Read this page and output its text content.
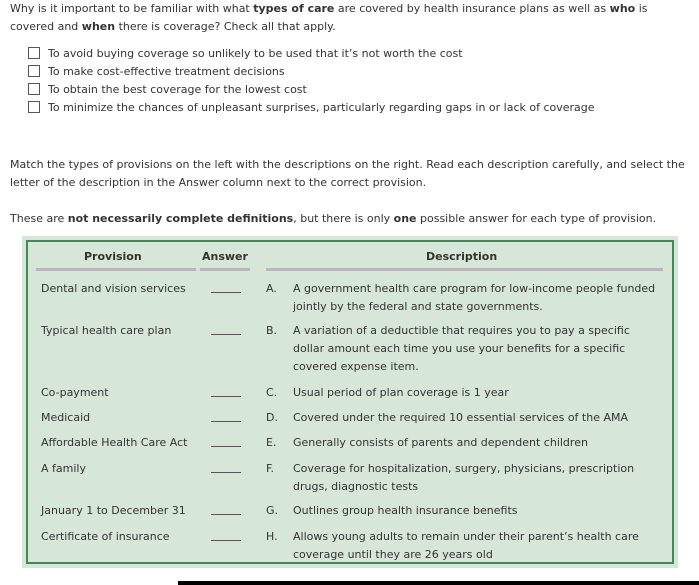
Why is it important to be familiar with what types of care are covered by health insurance plans as well as who is covered and when there is coverage? Check all that apply.
To avoid buying coverage so unlikely to be used that it’s not worth the cost
To make cost-effective treatment decisions
To obtain the best coverage for the lowest cost
To minimize the chances of unpleasant surprises, particularly regarding gaps in or lack of coverage
Match the types of provisions on the left with the descriptions on the right. Read each description carefully, and select the letter of the description in the Answer column next to the correct provision.
These are not necessarily complete definitions, but there is only one possible answer for each type of provision.
Provision	Answer	Description
Dental and vision services
Typical health care plan
Co-payment
Medicaid
Affordable Health Care Act
A family
January 1 to December 31
Certificate of insurance
A. A government health care program for low-income people funded jointly by the federal and state governments.
B. A variation of a deductible that requires you to pay a specific dollar amount each time you use your benefits for a specific covered expense item.
C. Usual period of plan coverage is 1 year
D. Covered under the required 10 essential services of the AMA
E. Generally consists of parents and dependent children
F. Coverage for hospitalization, surgery, physicians, prescription drugs, diagnostic tests
G. Outlines group health insurance benefits
H. Allows young adults to remain under their parent’s health care coverage until they are 26 years old
